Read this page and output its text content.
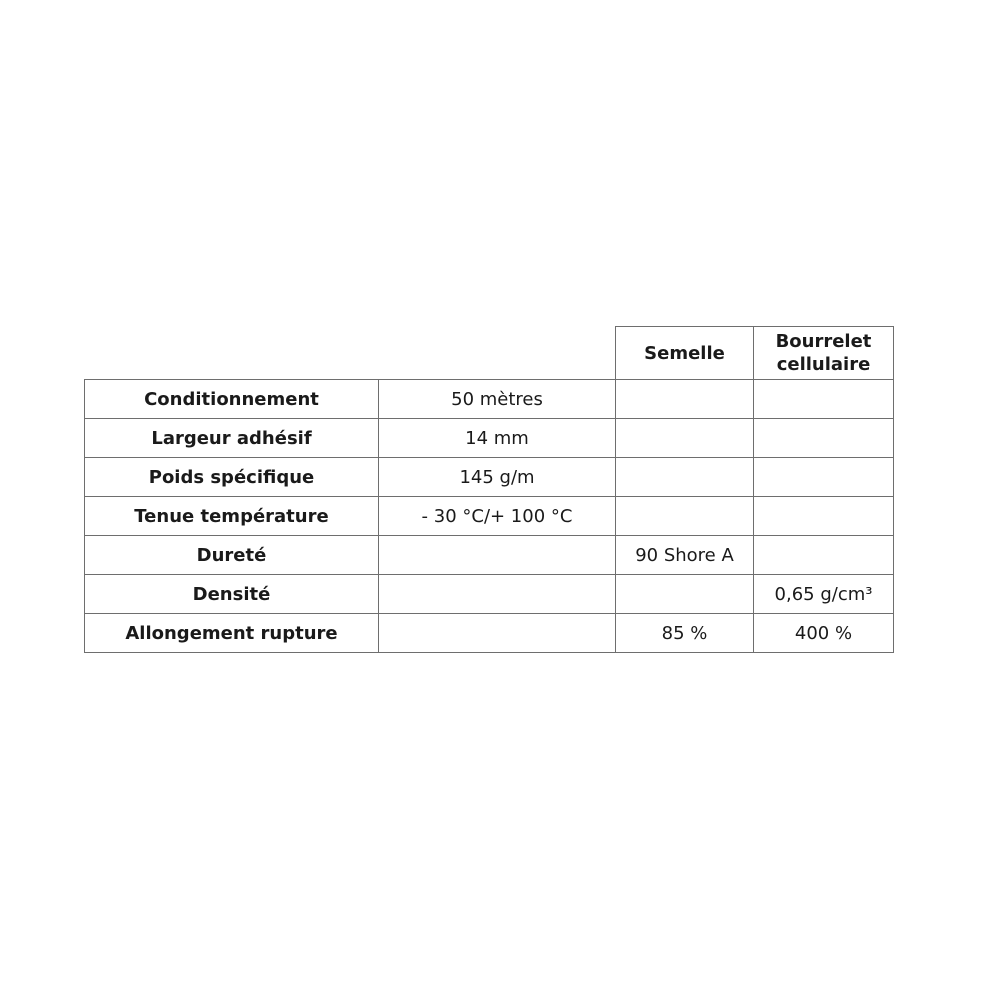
		Semelle	Bourrelet
cellulaire

Conditionnement	50 mètres		
Largeur adhésif	14 mm		
Poids spécifique	145 g/m		
Tenue température	- 30 °C/+ 100 °C		
Dureté		90 Shore A	
Densité			0,65 g/cm³
Allongement rupture		85 %	400 %
